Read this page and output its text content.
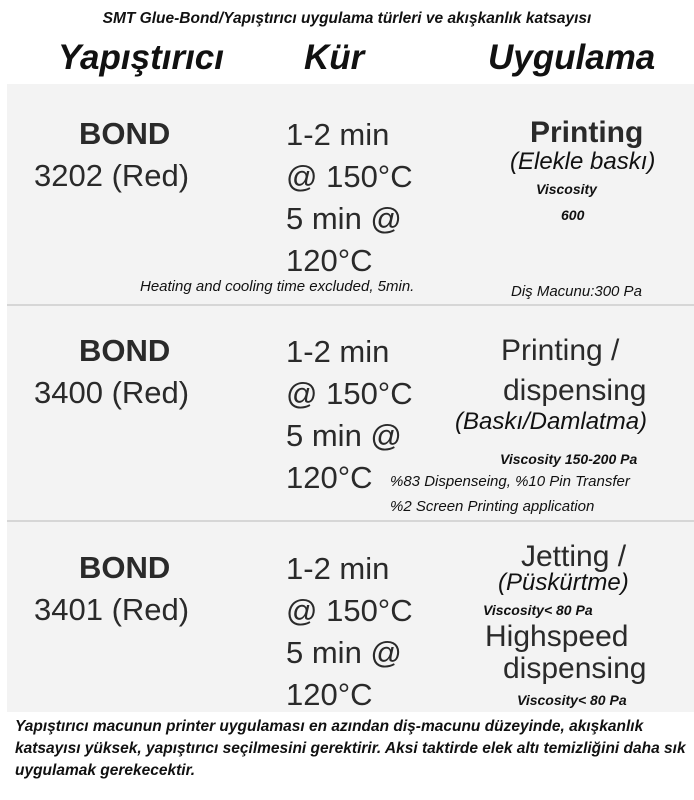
SMT Glue-Bond/Yapıştırıcı uygulama türleri ve akışkanlık katsayısı
Yapıştırıcı Kür	Uygulama
BOND
3202 (Red)
1-2 min
@ 150°C
5 min @
120°C
Printing
(Elekle baskı)
Viscosity
600
Heating and cooling time excluded, 5min.	Diş Macunu:300 Pa
BOND
3400 (Red)
1-2 min
@ 150°C
5 min @
120°C
Printing /
dispensing
(Baskı/Damlatma)
Viscosity 150-200 Pa
%83 Dispenseing, %10 Pin Transfer
%2 Screen Printing application
BOND
3401 (Red)
1-2 min
@ 150°C
5 min @
120°C
Jetting /
(Püskürtme)
Viscosity< 80 Pa
Highspeed
dispensing
Viscosity< 80 Pa
Yapıştırıcı macunun printer uygulaması en azından diş-macunu düzeyinde, akışkanlık katsayısı yüksek, yapıştırıcı seçilmesini gerektirir. Aksi taktirde elek altı temizliğini daha sık uygulamak gerekecektir.
